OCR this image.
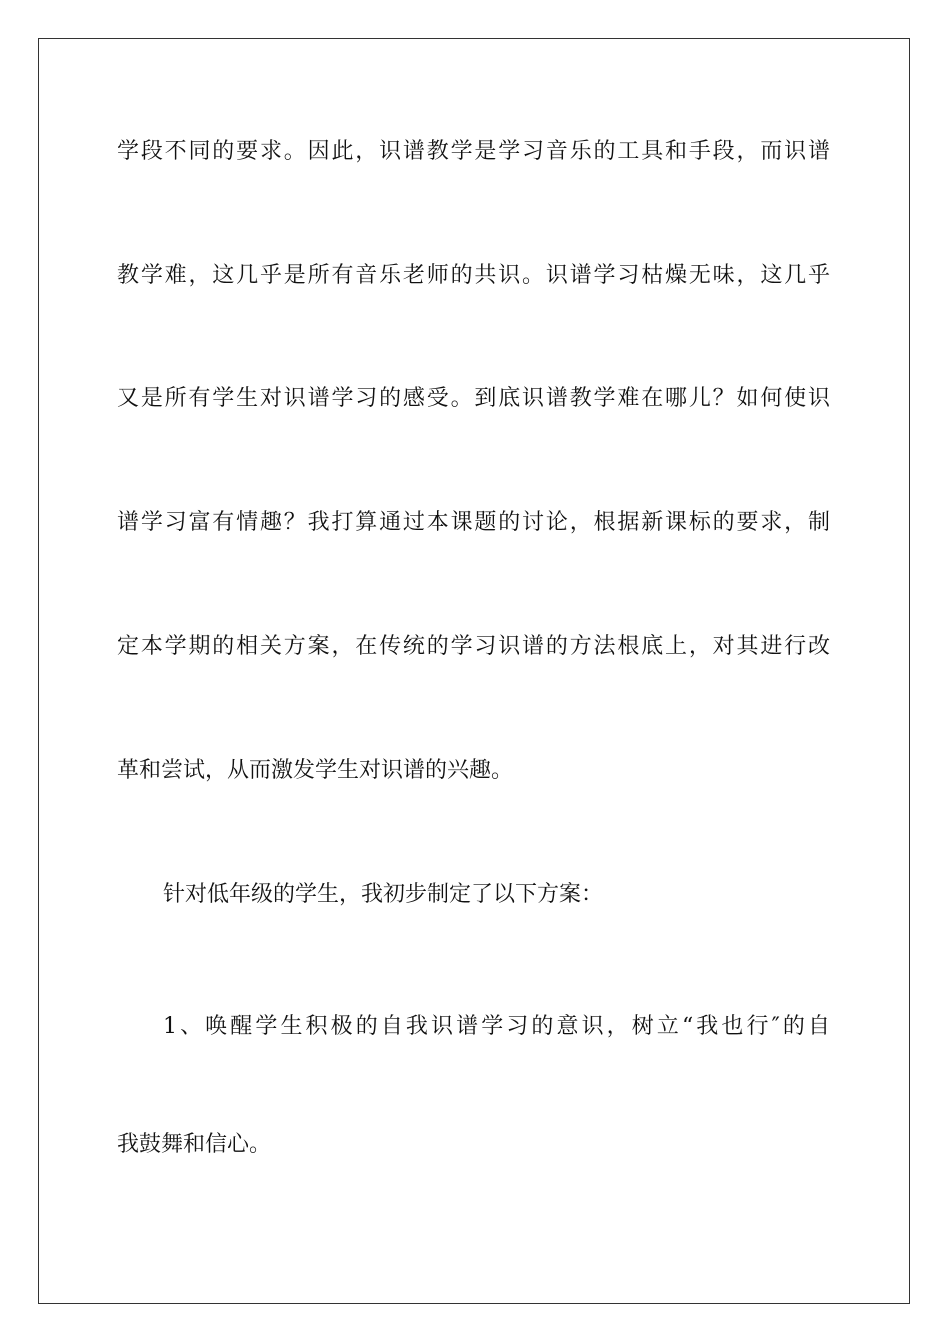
学段不同的要求。因此，识谱教学是学习音乐的工具和手段，而识谱
教学难，这几乎是所有音乐老师的共识。识谱学习枯燥无味，这几乎
又是所有学生对识谱学习的感受。到底识谱教学难在哪儿？如何使识
谱学习富有情趣？我打算通过本课题的讨论，根据新课标的要求，制
定本学期的相关方案，在传统的学习识谱的方法根底上，对其进行改
革和尝试，从而激发学生对识谱的兴趣。
针对低年级的学生，我初步制定了以下方案：
1、唤醒学生积极的自我识谱学习的意识，树立“我也行″的自
我鼓舞和信心。
